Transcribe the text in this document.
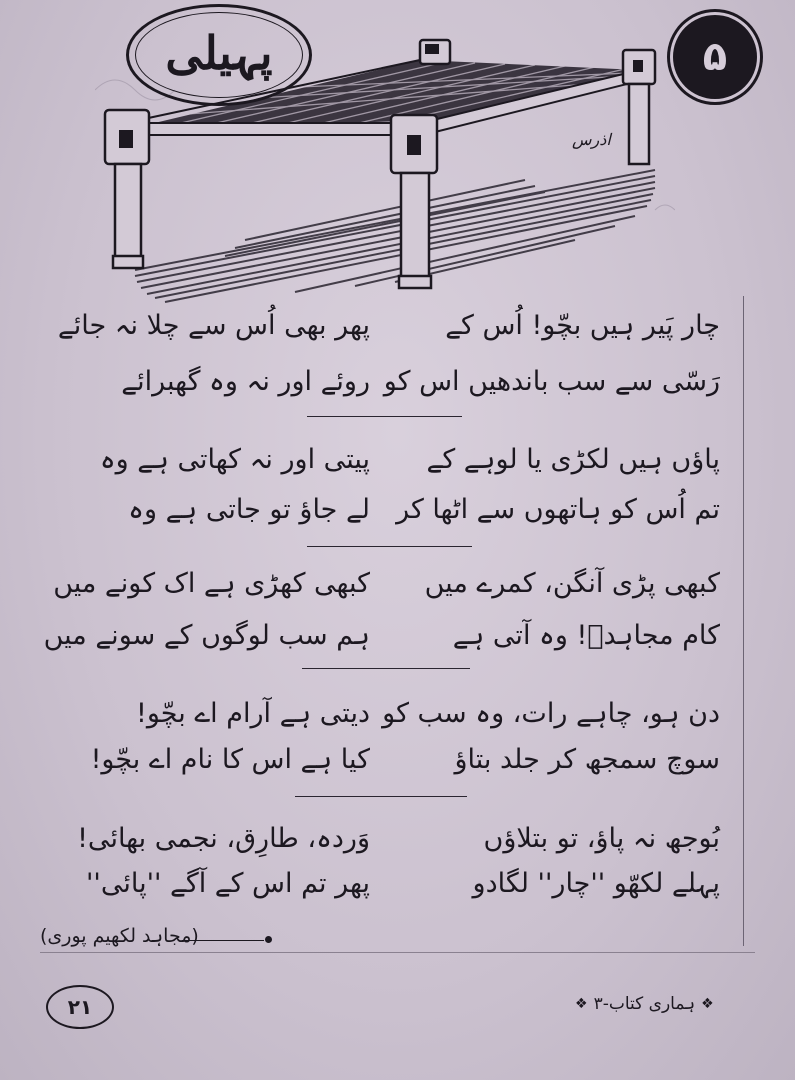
پہیلی	۵
اذرس
چار پَیر ہیں بچّو! اُس کے
پھر بھی اُس سے چلا نہ جائے
رَسّی سے سب باندھیں اس کو
روئے اور نہ وہ گھبرائے
پاؤں ہیں لکڑی یا لوہے کے
پیتی اور نہ کھاتی ہے وہ
تم اُس کو ہاتھوں سے اٹھا کر
لے جاؤ تو جاتی ہے وہ
کبھی پڑی آنگن، کمرے میں
کبھی کھڑی ہے اک کونے میں
کام مجاہدؔ! وہ آتی ہے
ہم سب لوگوں کے سونے میں
دن ہو، چاہے رات، وہ سب کو
دیتی ہے آرام اے بچّو!
سوچ سمجھ کر جلد بتاؤ
کیا ہے اس کا نام اے بچّو!
بُوجھ نہ پاؤ، تو بتلاؤں
وَردہ، طارِق، نجمی بھائی!
پہلے لکھّو ''چار'' لگادو
پھر تم اس کے آگے ''پائی''
(مجاہد لکھیم پوری)
۲۱	❖
ہماری کتاب-۳
❖
